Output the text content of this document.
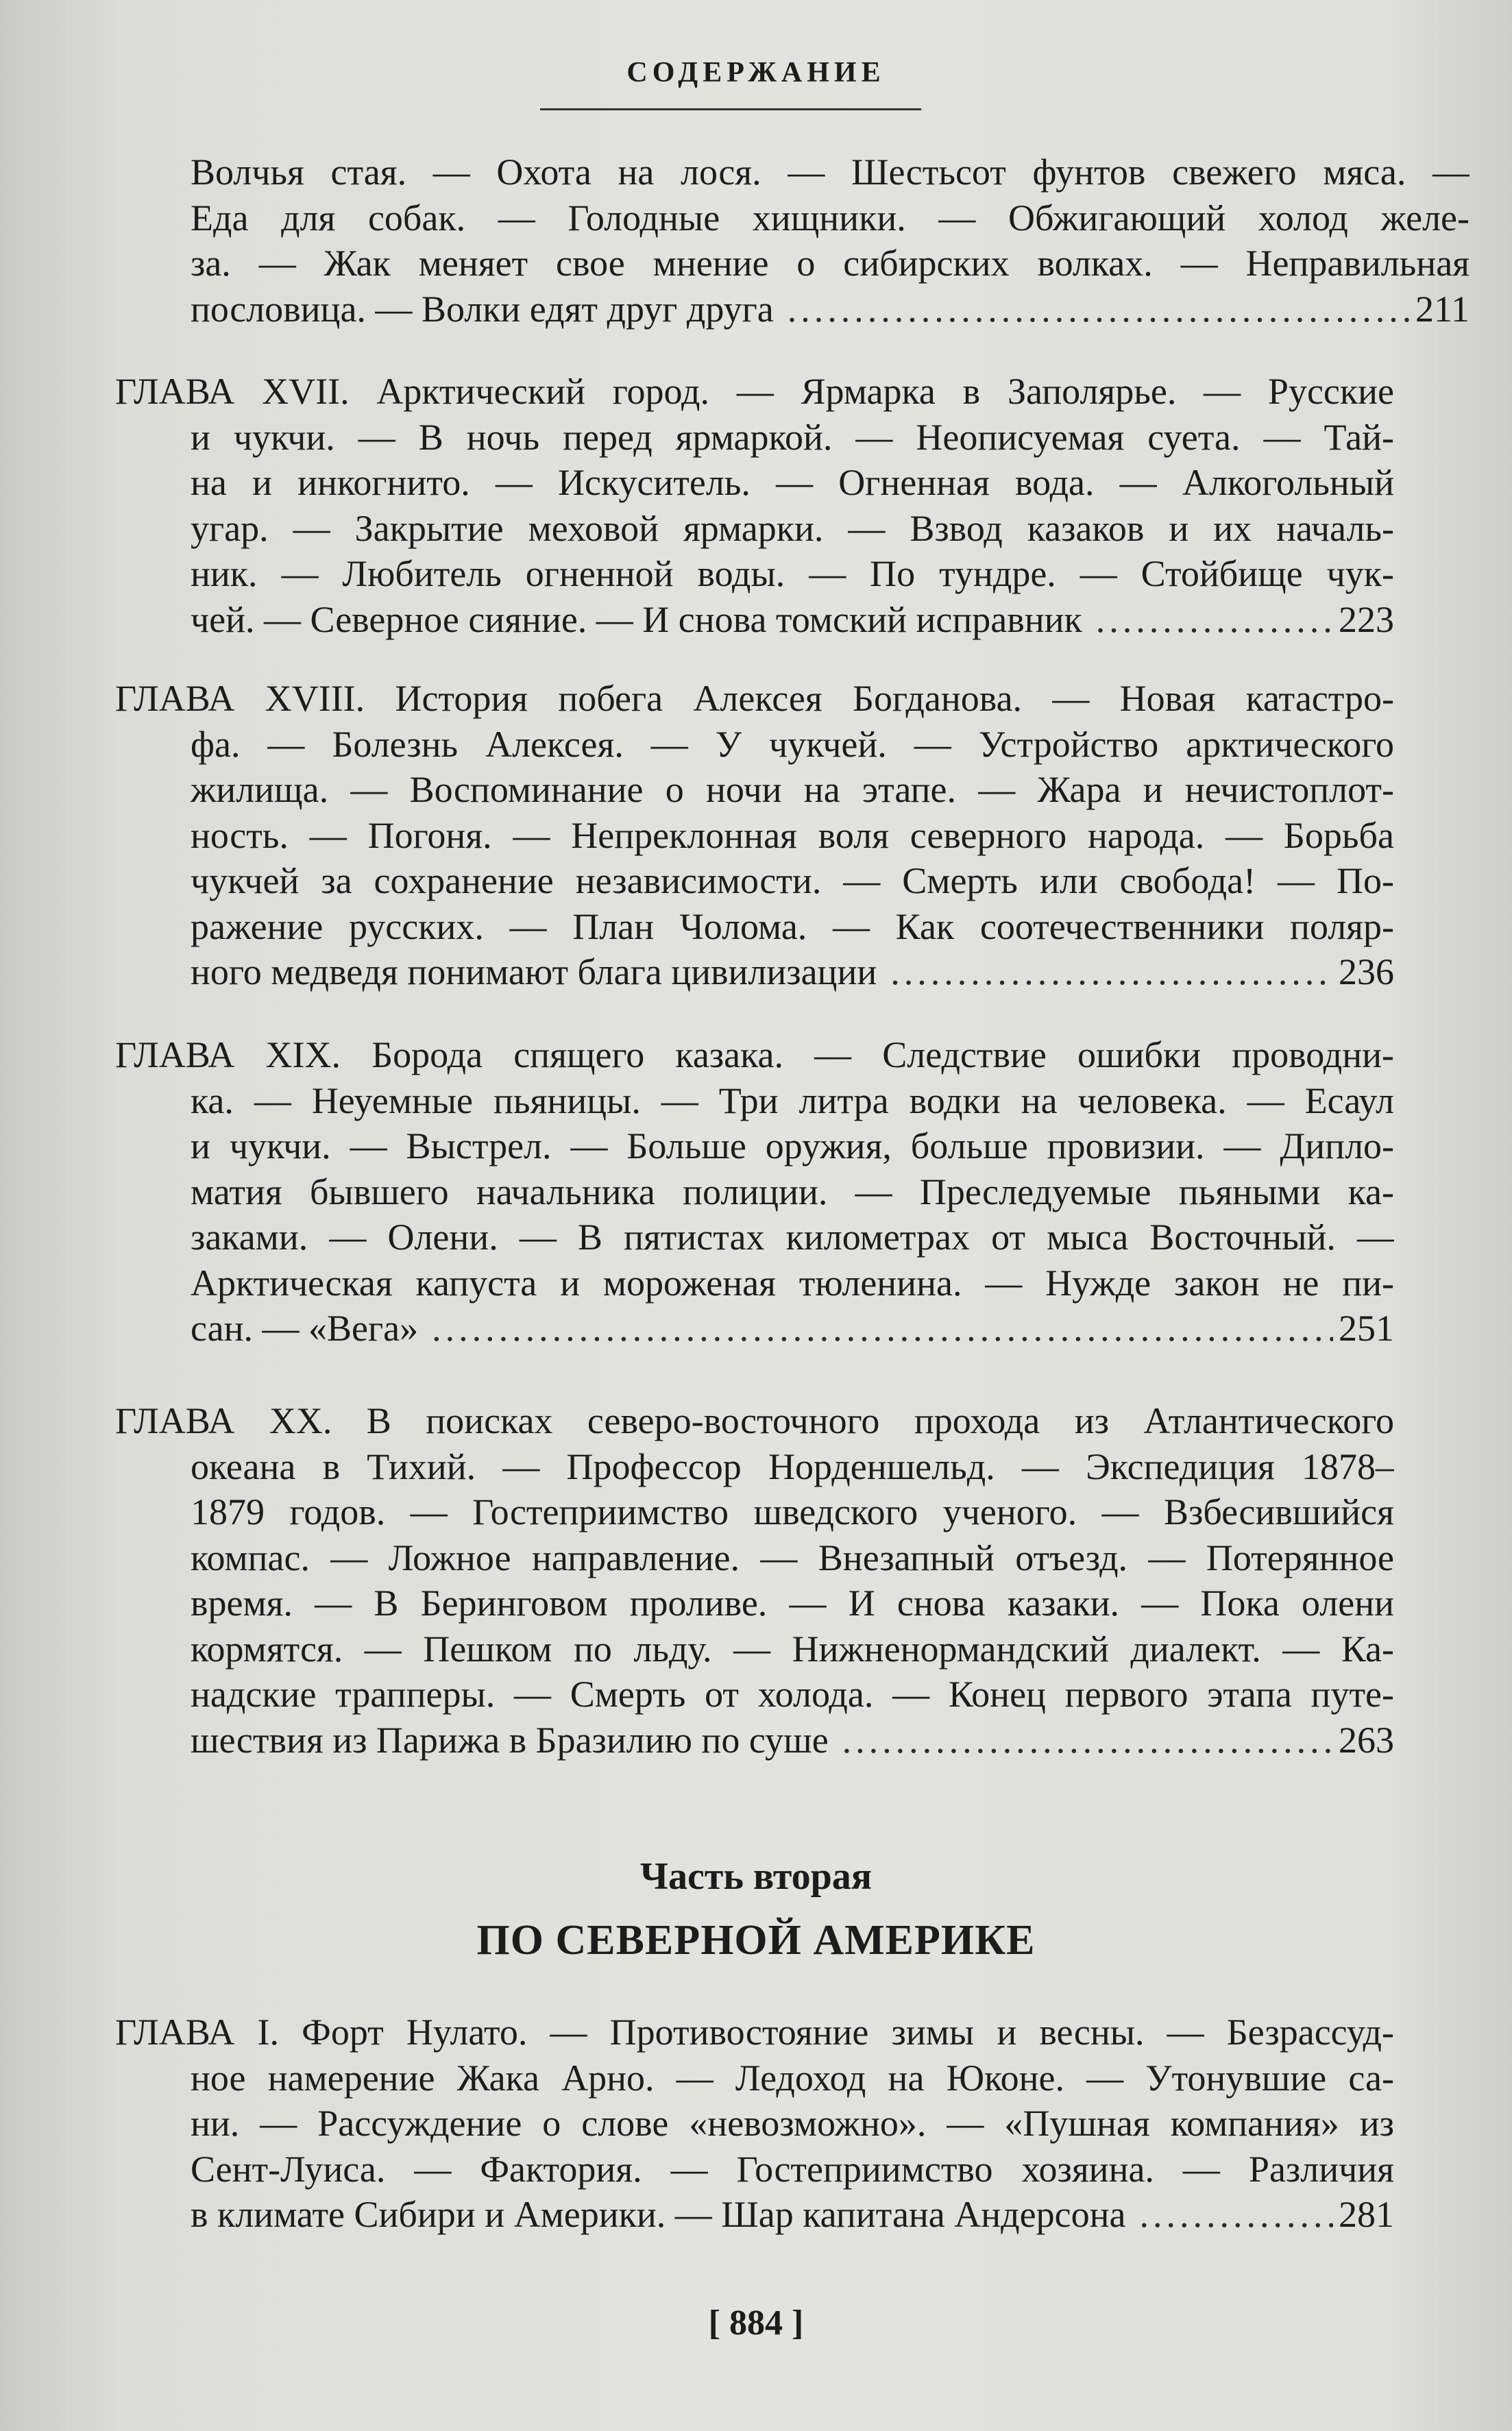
СОДЕРЖАНИЕ
Волчья стая. — Охота на лося. — Шестьсот фунтов свежего мяса. —
Еда для собак. — Голодные хищники. — Обжигающий холод желе-
за. — Жак меняет свое мнение о сибирских волках. — Неправильная
пословица. — Волки едят друг друга .....	211
ГЛАВА XVII. Арктический город. — Ярмарка в Заполярье. — Русские
и чукчи. — В ночь перед ярмаркой. — Неописуемая суета. — Тай-
на и инкогнито. — Искуситель. — Огненная вода. — Алкогольный
угар. — Закрытие меховой ярмарки. — Взвод казаков и их началь-
ник. — Любитель огненной воды. — По тундре. — Стойбище чук-
чей. — Северное сияние. — И снова томский исправник .....	223
ГЛАВА XVIII. История побега Алексея Богданова. — Новая катастро-
фа. — Болезнь Алексея. — У чукчей. — Устройство арктического
жилища. — Воспоминание о ночи на этапе. — Жара и нечистоплот-
ность. — Погоня. — Непреклонная воля северного народа. — Борьба
чукчей за сохранение независимости. — Смерть или свобода! — По-
ражение русских. — План Чолома. — Как соотечественники поляр-
ного медведя понимают блага цивилизации .....	236
ГЛАВА XIX. Борода спящего казака. — Следствие ошибки проводни-
ка. — Неуемные пьяницы. — Три литра водки на человека. — Есаул
и чукчи. — Выстрел. — Больше оружия, больше провизии. — Дипло-
матия бывшего начальника полиции. — Преследуемые пьяными ка-
заками. — Олени. — В пятистах километрах от мыса Восточный. —
Арктическая капуста и мороженая тюленина. — Нужде закон не пи-
сан. — «Вега» .....	251
ГЛАВА XX. В поисках северо-восточного прохода из Атлантического
океана в Тихий. — Профессор Норденшельд. — Экспедиция 1878–
1879 годов. — Гостеприимство шведского ученого. — Взбесившийся
компас. — Ложное направление. — Внезапный отъезд. — Потерянное
время. — В Беринговом проливе. — И снова казаки. — Пока олени
кормятся. — Пешком по льду. — Нижненормандский диалект. — Ка-
надские трапперы. — Смерть от холода. — Конец первого этапа путе-
шествия из Парижа в Бразилию по суше .....	263
Часть вторая
ПО СЕВЕРНОЙ АМЕРИКЕ
ГЛАВА I. Форт Нулато. — Противостояние зимы и весны. — Безрассуд-
ное намерение Жака Арно. — Ледоход на Юконе. — Утонувшие са-
ни. — Рассуждение о слове «невозможно». — «Пушная компания» из
Сент-Луиса. — Фактория. — Гостеприимство хозяина. — Различия
в климате Сибири и Америки. — Шар капитана Андерсона .....	281
[ 884 ]
